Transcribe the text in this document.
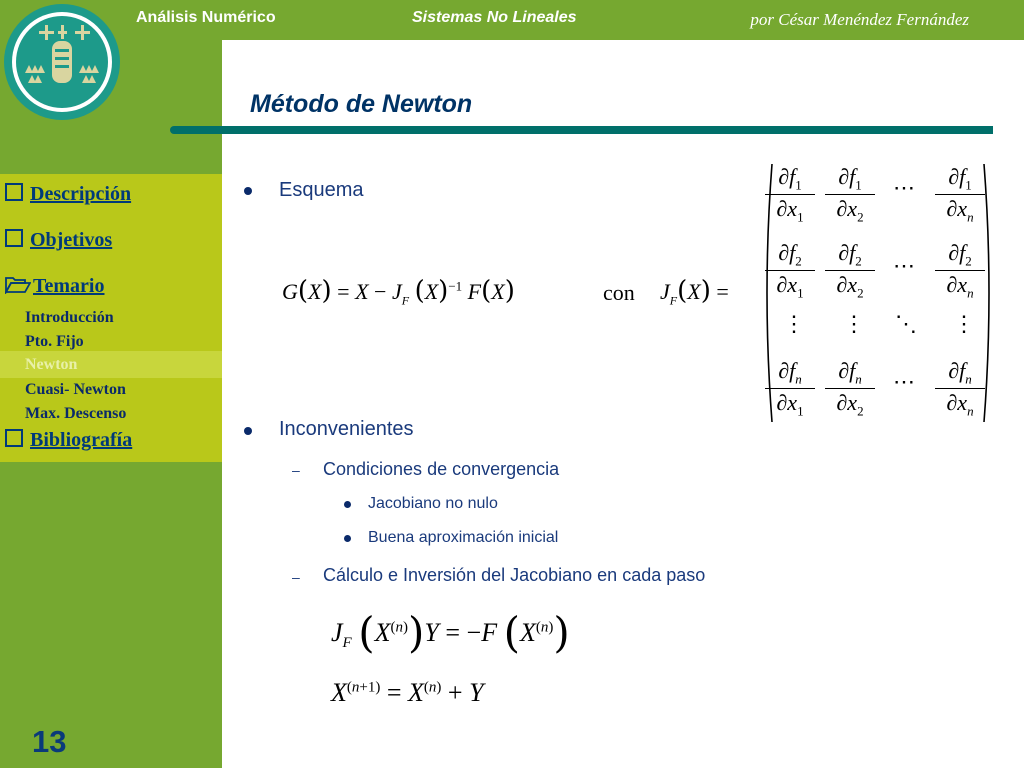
Análisis Numérico	Sistemas No Lineales	por César Menéndez Fernández
Método de Newton
Descripción
Objetivos
Temario
Introducción
Pto. Fijo
Newton
Cuasi- Newton
Max. Descenso
Bibliografía
13
Esquema
Inconvenientes
– Condiciones de convergencia
Jacobiano no nulo
Buena aproximación inicial
– Cálculo e Inversión del Jacobiano en cada paso
$G(X) = X - J_F$ $(X)^{-1}$ F(X)	con $J_F(X)$ =
$\frac{\partial f_1}{\partial x_1} \frac{\partial f_1}{\partial x_2}$ ⋯ $\frac{\partial f_1}{\partial x_n}$
$\frac{\partial f_2}{\partial x_1} \frac{\partial f_2}{\partial x_2}$ ⋯ $\frac{\partial f_2}{\partial x_n}$
⋮ ⋮ ⋱ ⋮
$\frac{\partial f_n}{\partial x_1} \frac{\partial f_n}{\partial x_2}$ ⋯ $\frac{\partial f_n}{\partial x_n}$
$J_F$ $(X^{(n)})Y = -F$ $(X^{(n)})$
$X^{(n+1)} = X^{(n)} + Y$
